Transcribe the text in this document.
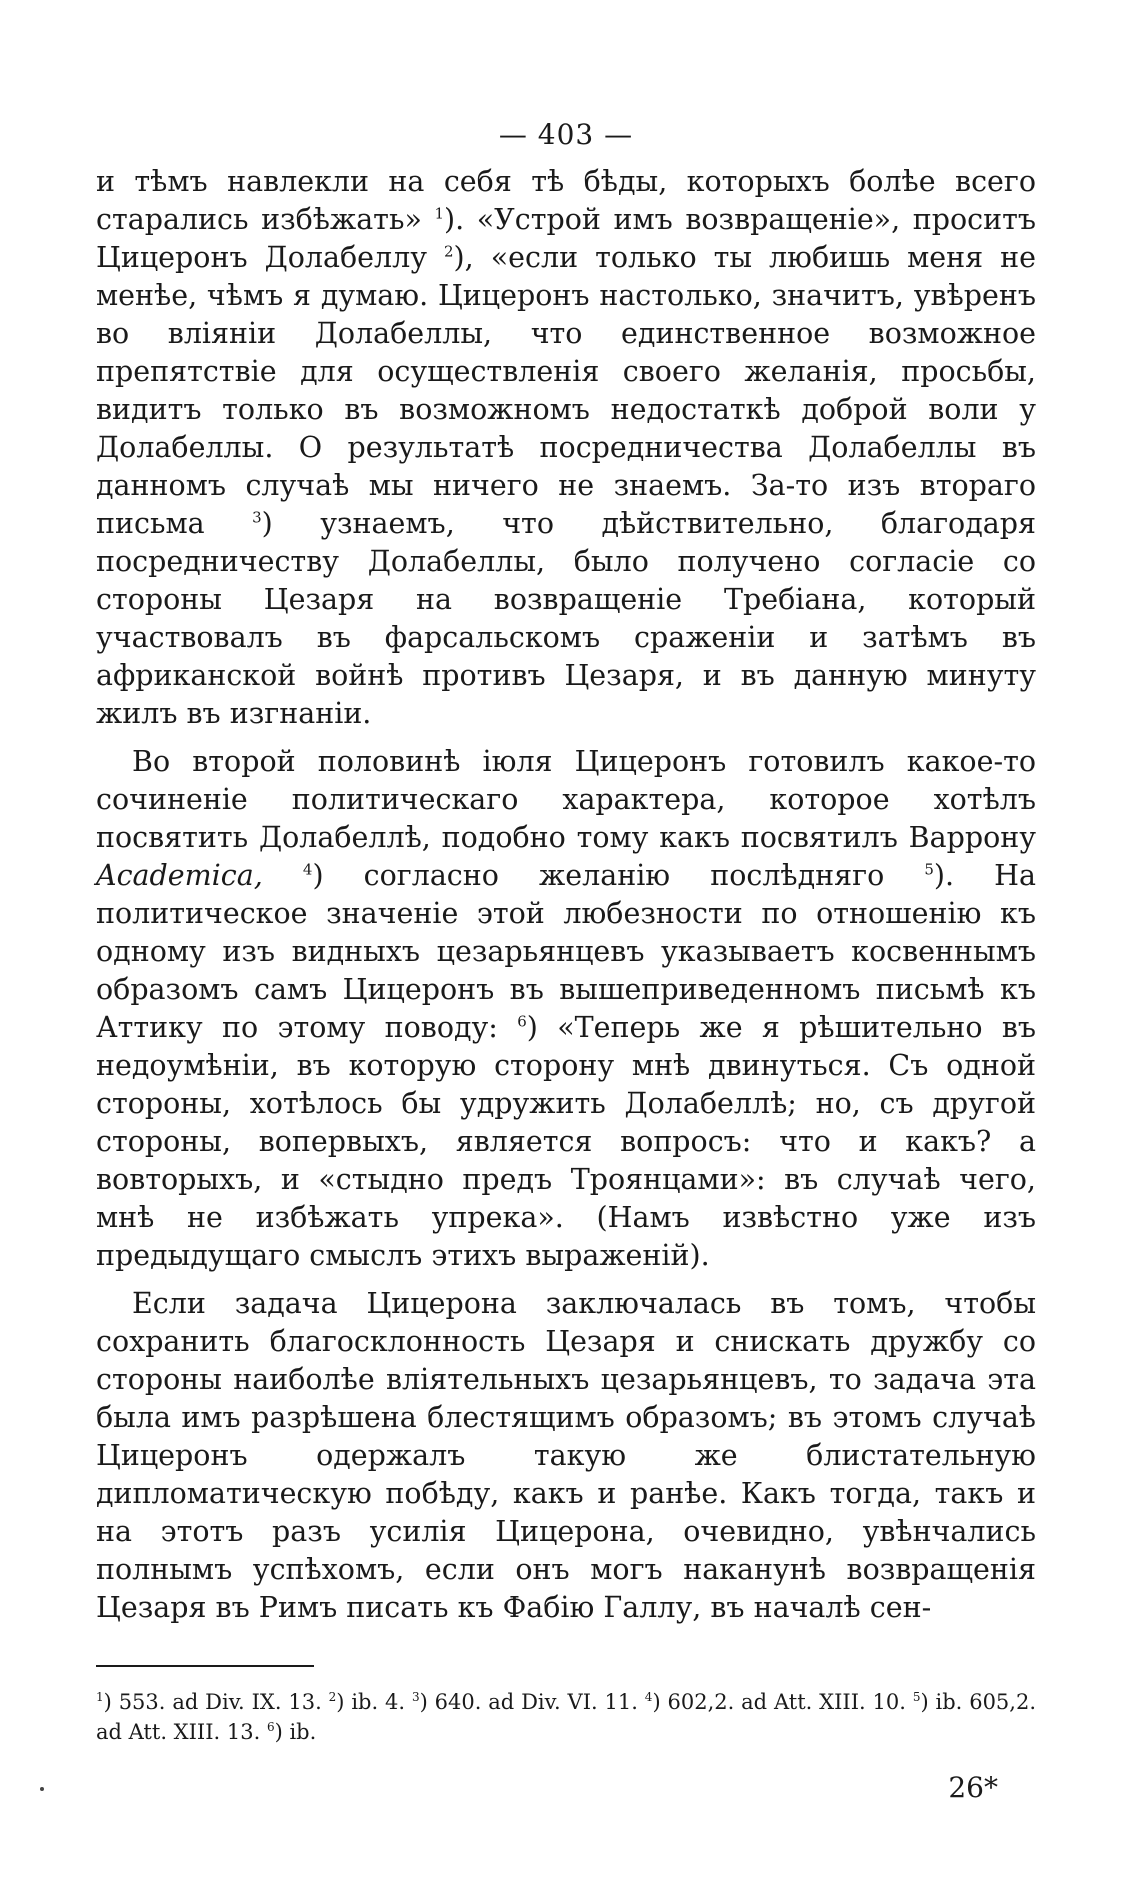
— 403 —

и тѣмъ навлекли на себя тѣ бѣды, которыхъ болѣе всего старались избѣжать» $^1$). «Устрой имъ возвращеніе», проситъ Цицеронъ Долабеллу $^2$), «если только ты любишь меня не менѣе, чѣмъ я думаю. Цицеронъ настолько, значитъ, увѣренъ во вліяніи Долабеллы, что единственное возможное препятствіе для осуществленія своего желанія, просьбы, видитъ только въ возможномъ недостаткѣ доброй воли у Долабеллы. О результатѣ посредничества Долабеллы въ данномъ случаѣ мы ничего не знаемъ. За-то изъ втораго письма $^3$) узнаемъ, что дѣйствительно, благодаря посредничеству Долабеллы, было получено согласіе со стороны Цезаря на возвращеніе Требіана, который участвовалъ въ фарсальскомъ сраженіи и затѣмъ въ африканской войнѣ противъ Цезаря, и въ данную минуту жилъ въ изгнаніи.

Во второй половинѣ іюля Цицеронъ готовилъ какое-то сочиненіе политическаго характера, которое хотѣлъ посвятить Долабеллѣ, подобно тому какъ посвятилъ Варрону Academica,	$^4$) согласно желанію послѣдняго $^5$). На политическое значеніе этой любезности по отношенію къ одному изъ видныхъ цезарьянцевъ указываетъ косвеннымъ образомъ самъ Цицеронъ въ вышеприведенномъ письмѣ къ Аттику по этому поводу: $^6$) «Теперь же я рѣшительно въ недоумѣніи, въ которую сторону мнѣ двинуться. Съ одной стороны, хотѣлось бы удружить Долабеллѣ; но, съ другой стороны, вопервыхъ, является вопросъ: что и какъ? а вовторыхъ, и «стыдно предъ Троянцами»: въ случаѣ чего, мнѣ не избѣжать упрека». (Намъ извѣстно уже изъ предыдущаго смыслъ этихъ выраженій).

Если задача Цицерона заключалась въ томъ, чтобы сохранить благосклонность Цезаря и снискать дружбу со стороны наиболѣе вліятельныхъ цезарьянцевъ, то задача эта была имъ разрѣшена блестящимъ образомъ; въ этомъ случаѣ Цицеронъ одержалъ такую же блистательную дипломатическую побѣду, какъ и ранѣе. Какъ тогда, такъ и на этотъ разъ усилія Цицерона, очевидно, увѣнчались полнымъ успѣхомъ, если онъ могъ наканунѣ возвращенія Цезаря въ Римъ писать къ Фабію Галлу, въ началѣ сен-

$^1$) 553. ad Div. IX. 13. $^2$) ib. 4. $^3$) 640. ad Div. VI. 11. $^4$) 602,2. ad Att. XIII. 10. $^5$) ib. 605,2. ad Att. XIII. 13. $^6$) ib.
26*
